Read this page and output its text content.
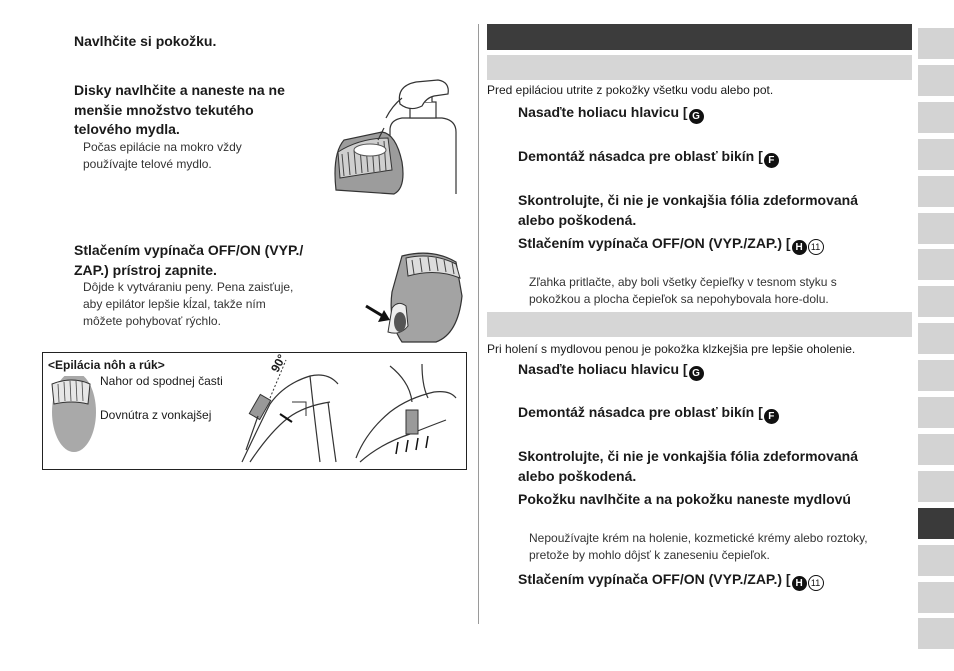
Navlhčite si pokožku.
Disky navlhčite a naneste na ne
menšie množstvo tekutého
telového mydla.
Počas epilácie na mokro vždy
používajte telové mydlo.
Stlačením vypínača OFF/ON (VYP./
ZAP.) prístroj zapnite.
Dôjde k vytváraniu peny. Pena zaisťuje,
aby epilátor lepšie kĺzal, takže ním
môžete pohybovať rýchlo.
<Epilácia nôh a rúk>
Nahor od spodnej časti
Dovnútra z vonkajšej
90°
Pred epiláciou utrite z pokožky všetku vodu alebo pot.
Nasaďte holiacu hlavicu [ G
Demontáž násadca pre oblasť bikín [ F
Skontrolujte, či nie je vonkajšia fólia zdeformovaná
alebo poškodená.
Stlačením vypínača OFF/ON (VYP./ZAP.) [ H 11
Zľahka pritlačte, aby boli všetky čepieľky v tesnom styku s
pokožkou a plocha čepieľok sa nepohybovala hore-dolu.
Pri holení s mydlovou penou je pokožka klzkejšia pre lepšie oholenie.
Nasaďte holiacu hlavicu [ G
Demontáž násadca pre oblasť bikín [ F
Skontrolujte, či nie je vonkajšia fólia zdeformovaná
alebo poškodená.
Pokožku navlhčite a na pokožku naneste mydlovú
Nepoužívajte krém na holenie, kozmetické krémy alebo roztoky,
pretože by mohlo dôjsť k zaneseniu čepieľok.
Stlačením vypínača OFF/ON (VYP./ZAP.) [ H 11
